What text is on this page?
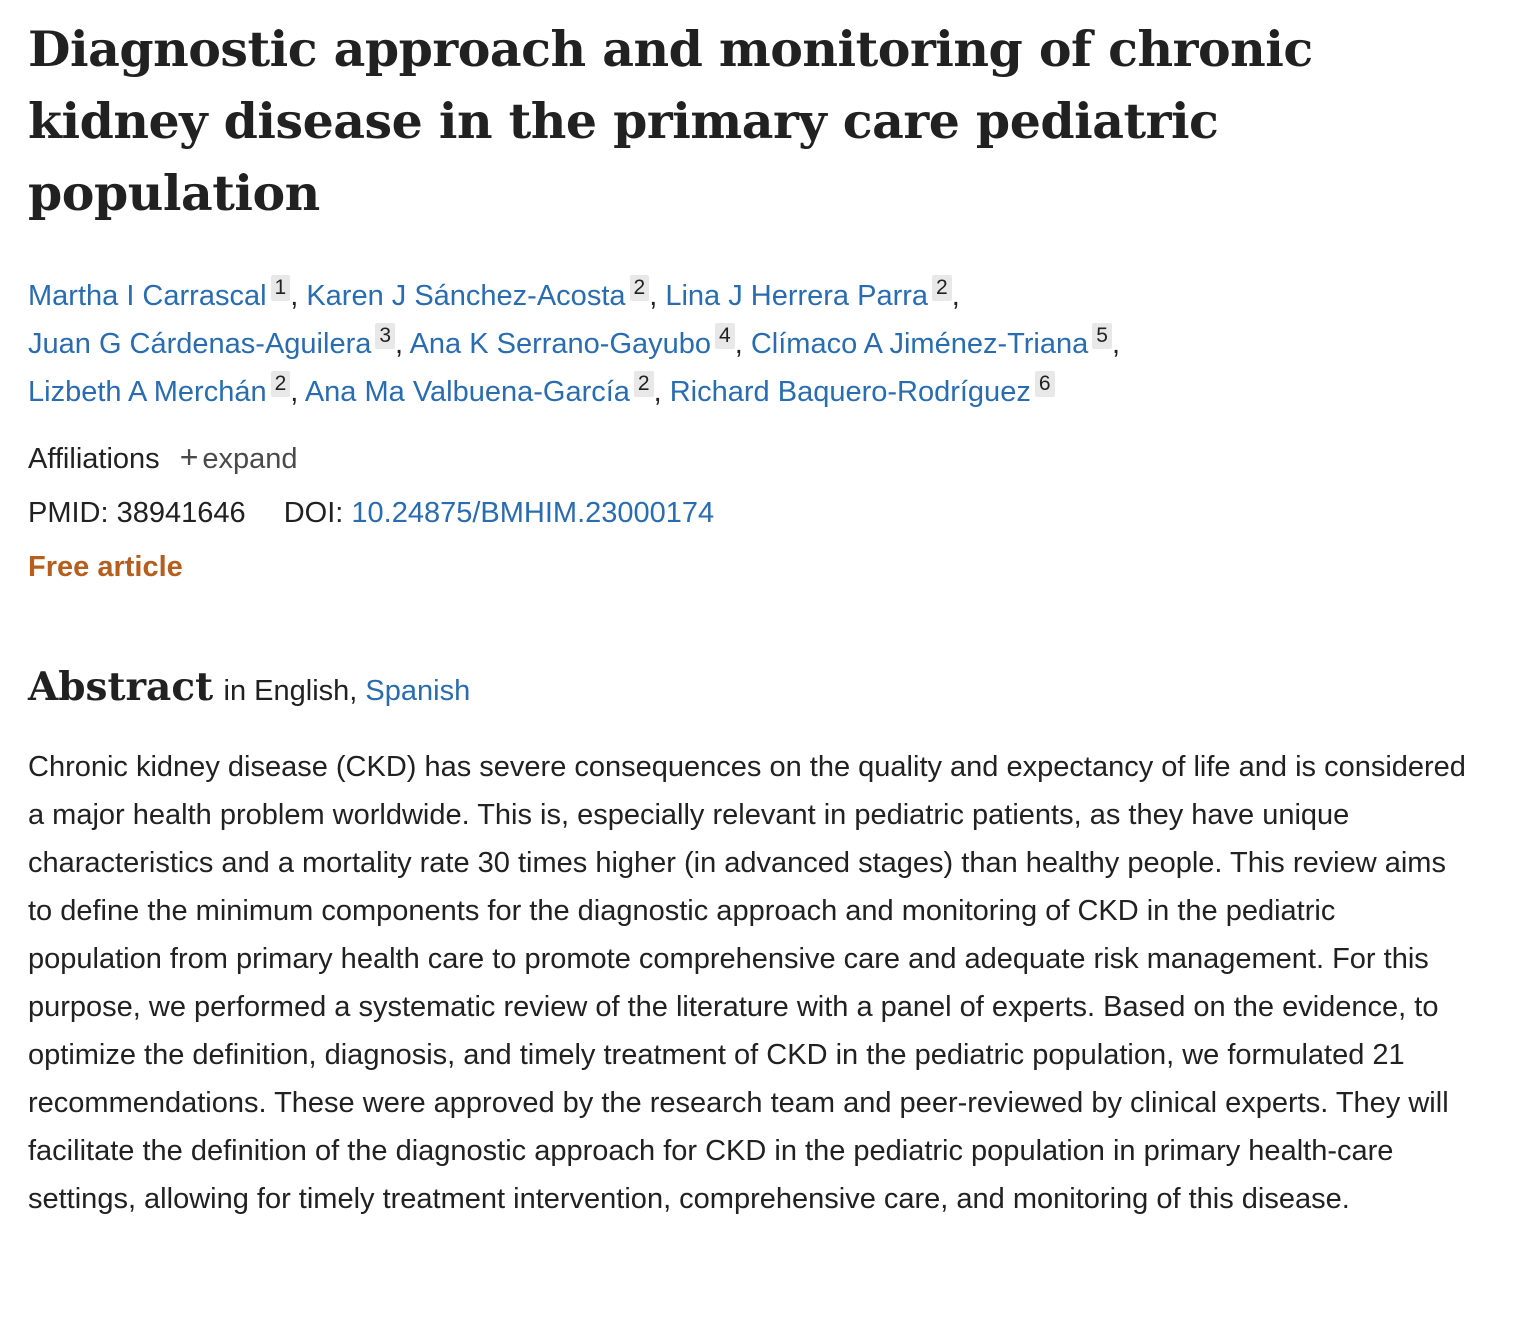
Diagnostic approach and monitoring of chronic kidney disease in the primary care pediatric population
Martha I Carrascal 1 , Karen J Sánchez-Acosta 2 , Lina J Herrera Parra 2 ,
Juan G Cárdenas-Aguilera 3 , Ana K Serrano-Gayubo 4 , Clímaco A Jiménez-Triana 5 ,
Lizbeth A Merchán 2 , Ana Ma Valbuena-García 2 , Richard Baquero-Rodríguez 6
Affiliations + expand
PMID: 38941646 DOI: 10.24875/BMHIM.23000174
Free article
Abstract in English, Spanish
Chronic kidney disease (CKD) has severe consequences on the quality and expectancy of life and is considered a major health problem worldwide. This is, especially relevant in pediatric patients, as they have unique characteristics and a mortality rate 30 times higher (in advanced stages) than healthy people. This review aims to define the minimum components for the diagnostic approach and monitoring of CKD in the pediatric population from primary health care to promote comprehensive care and adequate risk management. For this purpose, we performed a systematic review of the literature with a panel of experts. Based on the evidence, to optimize the definition, diagnosis, and timely treatment of CKD in the pediatric population, we formulated 21 recommendations. These were approved by the research team and peer-reviewed by clinical experts. They will facilitate the definition of the diagnostic approach for CKD in the pediatric population in primary health-care settings, allowing for timely treatment intervention, comprehensive care, and monitoring of this disease.
